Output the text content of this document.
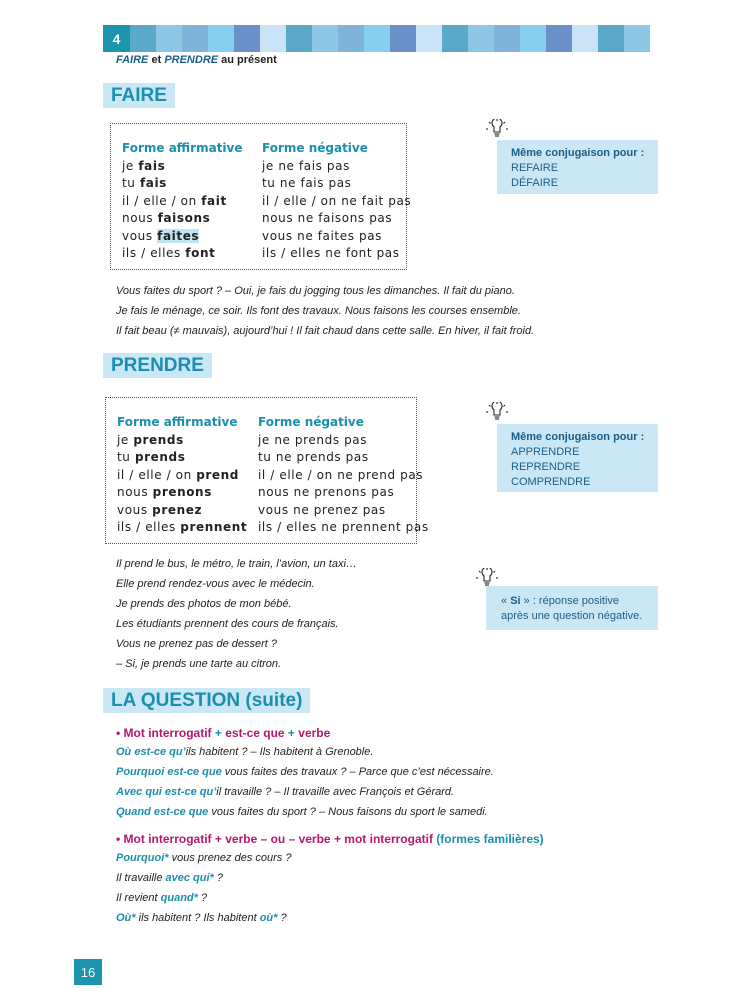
4
FAIRE et PRENDRE au présent
FAIRE
Forme affirmative
je fais
tu fais
il / elle / on fait
nous faisons
vous faites
ils / elles font
Forme négative
je ne fais pas
tu ne fais pas
il / elle / on ne fait pas
nous ne faisons pas
vous ne faites pas
ils / elles ne font pas
Même conjugaison pour :
REFAIRE
DÉFAIRE
Vous faites du sport ? – Oui, je fais du jogging tous les dimanches. Il fait du piano.
Je fais le ménage, ce soir. Ils font des travaux. Nous faisons les courses ensemble.
Il fait beau (≠ mauvais), aujourd’hui ! Il fait chaud dans cette salle. En hiver, il fait froid.
PRENDRE
Forme affirmative
je prends
tu prends
il / elle / on prend
nous prenons
vous prenez
ils / elles prennent
Forme négative
je ne prends pas
tu ne prends pas
il / elle / on ne prend pas
nous ne prenons pas
vous ne prenez pas
ils / elles ne prennent pas
Même conjugaison pour :
APPRENDRE
REPRENDRE
COMPRENDRE
« Si » : réponse positive
après une question négative.
Il prend le bus, le métro, le train, l’avion, un taxi…
Elle prend rendez-vous avec le médecin.
Je prends des photos de mon bébé.
Les étudiants prennent des cours de français.
Vous ne prenez pas de dessert ?
– Si, je prends une tarte au citron.
LA QUESTION (suite)
• Mot interrogatif + est-ce que + verbe
Où est-ce qu’ils habitent ? – Ils habitent à Grenoble.
Pourquoi est-ce que vous faites des travaux ? – Parce que c’est nécessaire.
Avec qui est-ce qu’il travaille ? – Il travaille avec François et Gérard.
Quand est-ce que vous faites du sport ? – Nous faisons du sport le samedi.
• Mot interrogatif + verbe – ou – verbe + mot interrogatif (formes familières)
Pourquoi* vous prenez des cours ?
Il travaille avec qui* ?
Il revient quand* ?
Où* ils habitent ? Ils habitent où* ?
16
